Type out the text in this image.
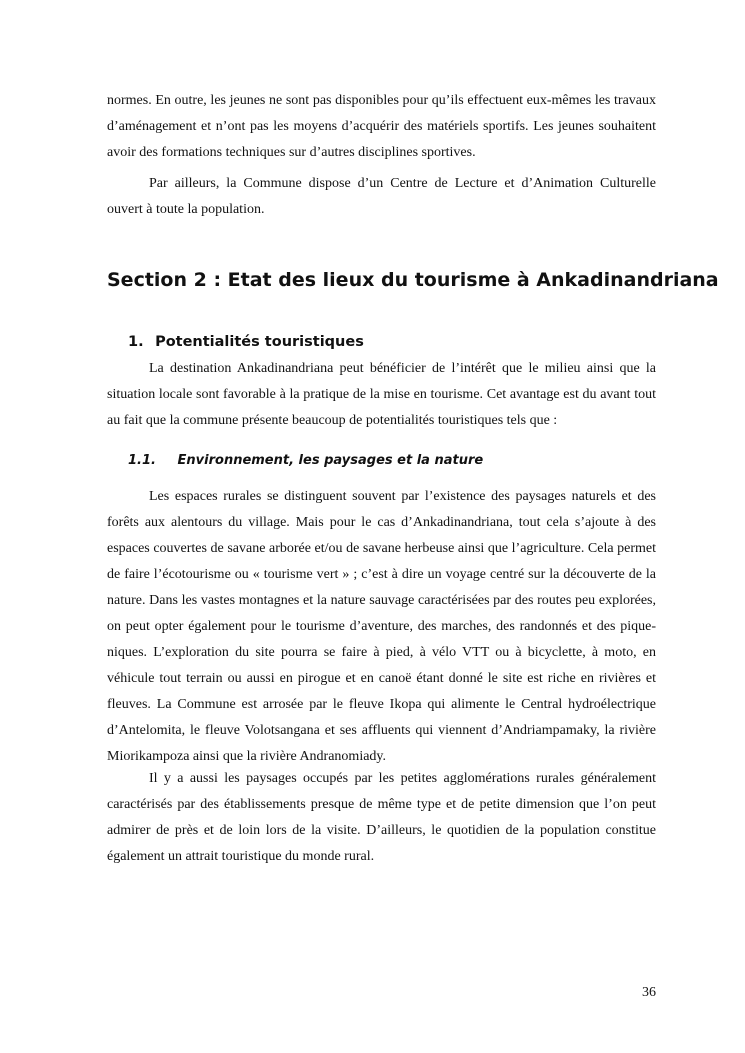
normes. En outre, les jeunes ne sont pas disponibles pour qu’ils effectuent eux-mêmes les travaux d’aménagement et n’ont pas les moyens d’acquérir des matériels sportifs. Les jeunes souhaitent avoir des formations techniques sur d’autres disciplines sportives.

Par ailleurs, la Commune dispose d’un Centre de Lecture et d’Animation Culturelle ouvert à toute la population.

Section 2 : Etat des lieux du tourisme à Ankadinandriana
1. Potentialités touristiques

La destination Ankadinandriana peut bénéficier de l’intérêt que le milieu ainsi que la situation locale sont favorable à la pratique de la mise en tourisme. Cet avantage est du avant tout au fait que la commune présente beaucoup de potentialités touristiques tels que :

1.1. Environnement, les paysages et la nature

Les espaces rurales se distinguent souvent par l’existence des paysages naturels et des forêts aux alentours du village. Mais pour le cas d’Ankadinandriana, tout cela s’ajoute à des espaces couvertes de savane arborée et/ou de savane herbeuse ainsi que l’agriculture. Cela permet de faire l’écotourisme ou « tourisme vert » ; c’est à dire un voyage centré sur la découverte de la nature. Dans les vastes montagnes et la nature sauvage caractérisées par des routes peu explorées, on peut opter également pour le tourisme d’aventure, des marches, des randonnés et des pique-niques. L’exploration du site pourra se faire à pied, à vélo VTT ou à bicyclette, à moto, en véhicule tout terrain ou aussi en pirogue et en canoë étant donné le site est riche en rivières et fleuves. La Commune est arrosée par le fleuve Ikopa qui alimente le Central hydroélectrique d’Antelomita, le fleuve Volotsangana et ses affluents qui viennent d’Andriampamaky, la rivière Miorikampoza ainsi que la rivière Andranomiady.

Il y a aussi les paysages occupés par les petites agglomérations rurales généralement caractérisés par des établissements presque de même type et de petite dimension que l’on peut admirer de près et de loin lors de la visite. D’ailleurs, le quotidien de la population constitue également un attrait touristique du monde rural.

36
